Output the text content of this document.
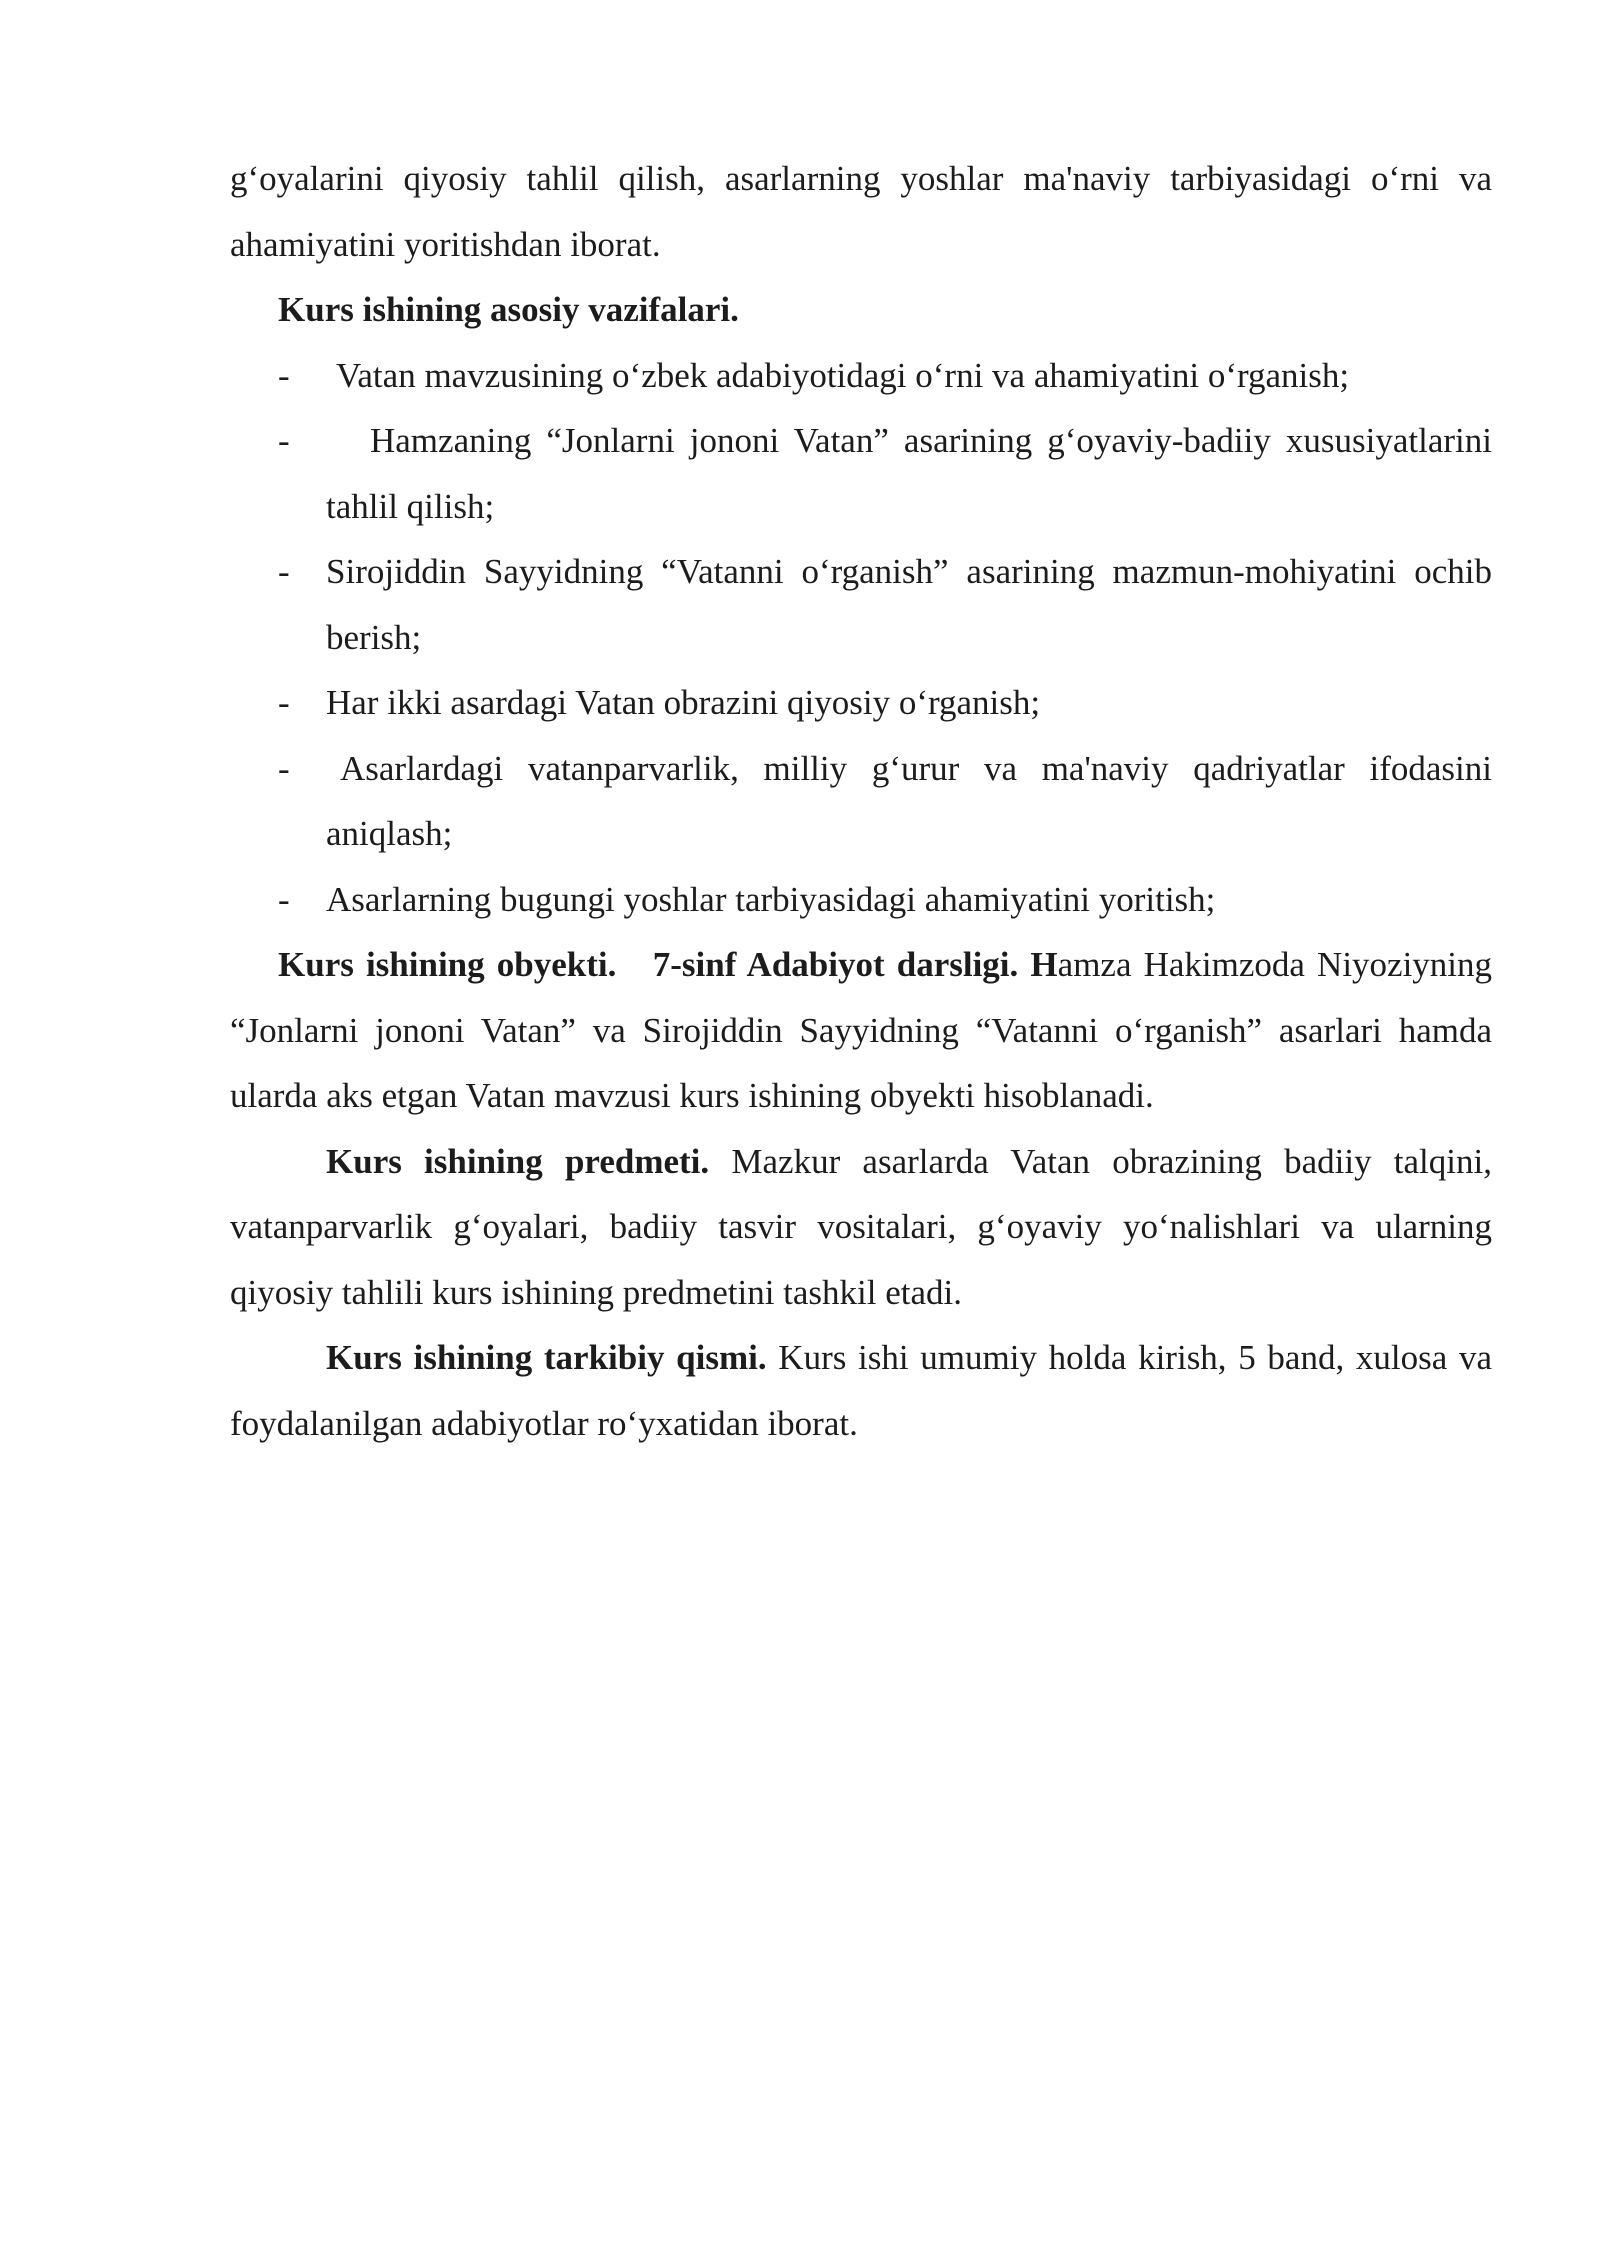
g‘oyalarini qiyosiy tahlil qilish, asarlarning yoshlar ma'naviy tarbiyasidagi o‘rni va ahamiyatini yoritishdan iborat.

Kurs ishining asosiy vazifalari.

- Vatan mavzusining o‘zbek adabiyotidagi o‘rni va ahamiyatini o‘rganish;
- Hamzaning “Jonlarni jononi Vatan” asarining g‘oyaviy-badiiy xususiyatlarini tahlil qilish;
- Sirojiddin Sayyidning “Vatanni o‘rganish” asarining mazmun-mohiyatini ochib berish;
- Har ikki asardagi Vatan obrazini qiyosiy o‘rganish;
- Asarlardagi vatanparvarlik, milliy g‘urur va ma'naviy qadriyatlar ifodasini aniqlash;
- Asarlarning bugungi yoshlar tarbiyasidagi ahamiyatini yoritish;

Kurs ishining obyekti. 7-sinf Adabiyot darsligi. Hamza Hakimzoda Niyoziyning “Jonlarni jononi Vatan” va Sirojiddin Sayyidning “Vatanni o‘rganish” asarlari hamda ularda aks etgan Vatan mavzusi kurs ishining obyekti hisoblanadi.

Kurs ishining predmeti. Mazkur asarlarda Vatan obrazining badiiy talqini, vatanparvarlik g‘oyalari, badiiy tasvir vositalari, g‘oyaviy yo‘nalishlari va ularning qiyosiy tahlili kurs ishining predmetini tashkil etadi.

Kurs ishining tarkibiy qismi. Kurs ishi umumiy holda kirish, 5 band, xulosa va foydalanilgan adabiyotlar ro‘yxatidan iborat.
